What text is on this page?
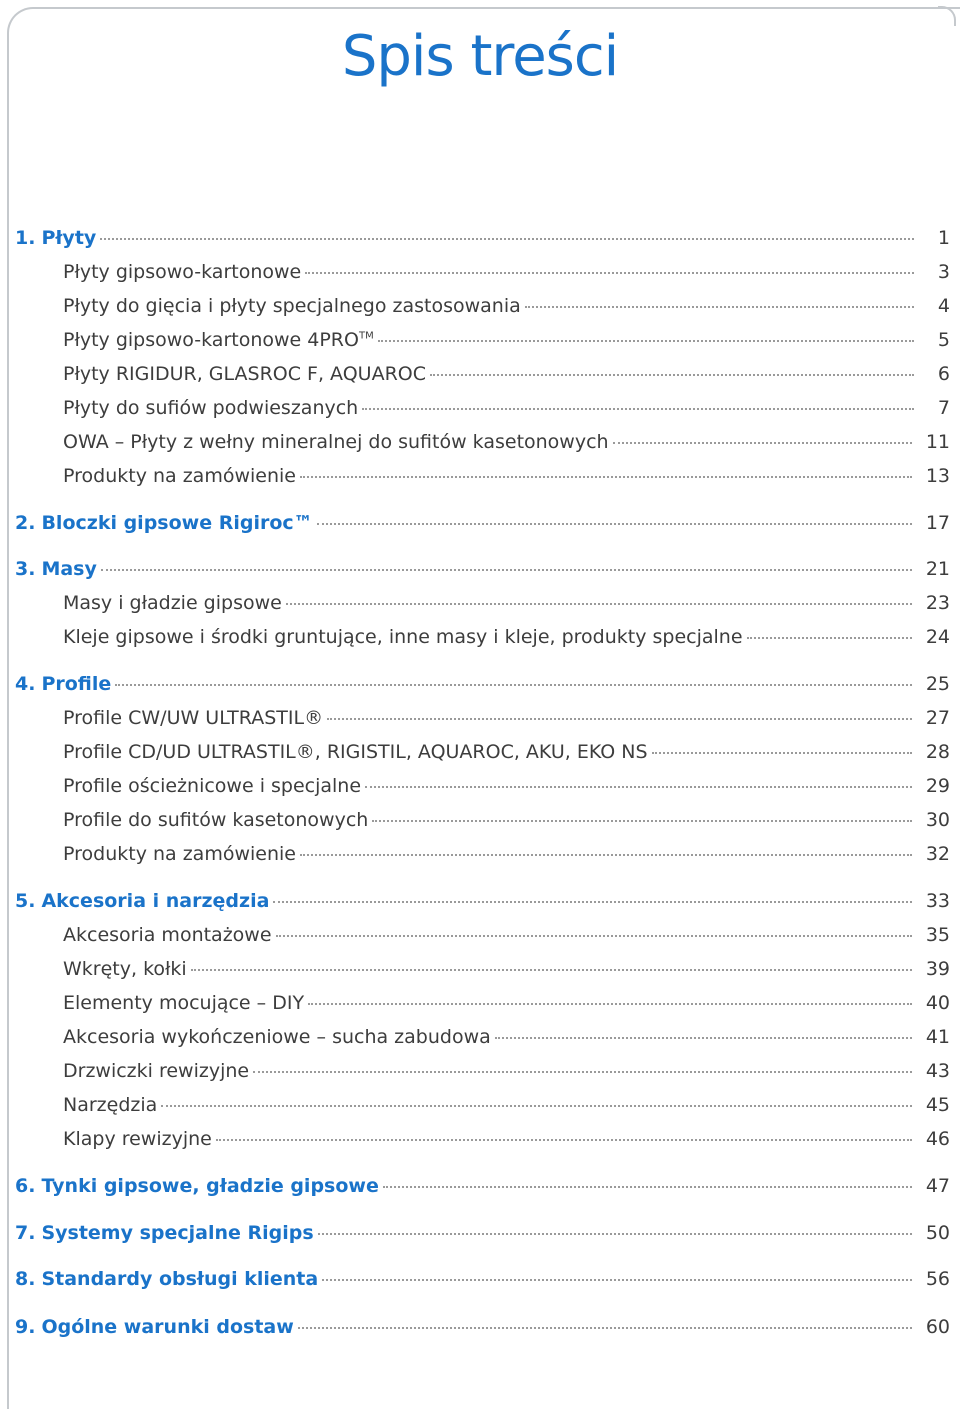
Spis treści
1. Płyty	1
Płyty gipsowo-kartonowe	3
Płyty do gięcia i płyty specjalnego zastosowania	4
Płyty gipsowo-kartonowe 4PRO™	5
Płyty RIGIDUR, GLASROC F, AQUAROC	6
Płyty do sufiów podwieszanych	7
OWA – Płyty z wełny mineralnej do sufitów kasetonowych	11
Produkty na zamówienie	13
2. Bloczki gipsowe Rigiroc™	17
3. Masy	21
Masy i gładzie gipsowe	23
Kleje gipsowe i środki gruntujące, inne masy i kleje, produkty specjalne	24
4. Profile	25
Profile CW/UW ULTRASTIL®	27
Profile CD/UD ULTRASTIL®, RIGISTIL, AQUAROC, AKU, EKO NS	28
Profile ościeżnicowe i specjalne	29
Profile do sufitów kasetonowych	30
Produkty na zamówienie	32
5. Akcesoria i narzędzia	33
Akcesoria montażowe	35
Wkręty, kołki	39
Elementy mocujące – DIY	40
Akcesoria wykończeniowe – sucha zabudowa	41
Drzwiczki rewizyjne	43
Narzędzia	45
Klapy rewizyjne	46
6. Tynki gipsowe, gładzie gipsowe	47
7. Systemy specjalne Rigips	50
8. Standardy obsługi klienta	56
9. Ogólne warunki dostaw	60
